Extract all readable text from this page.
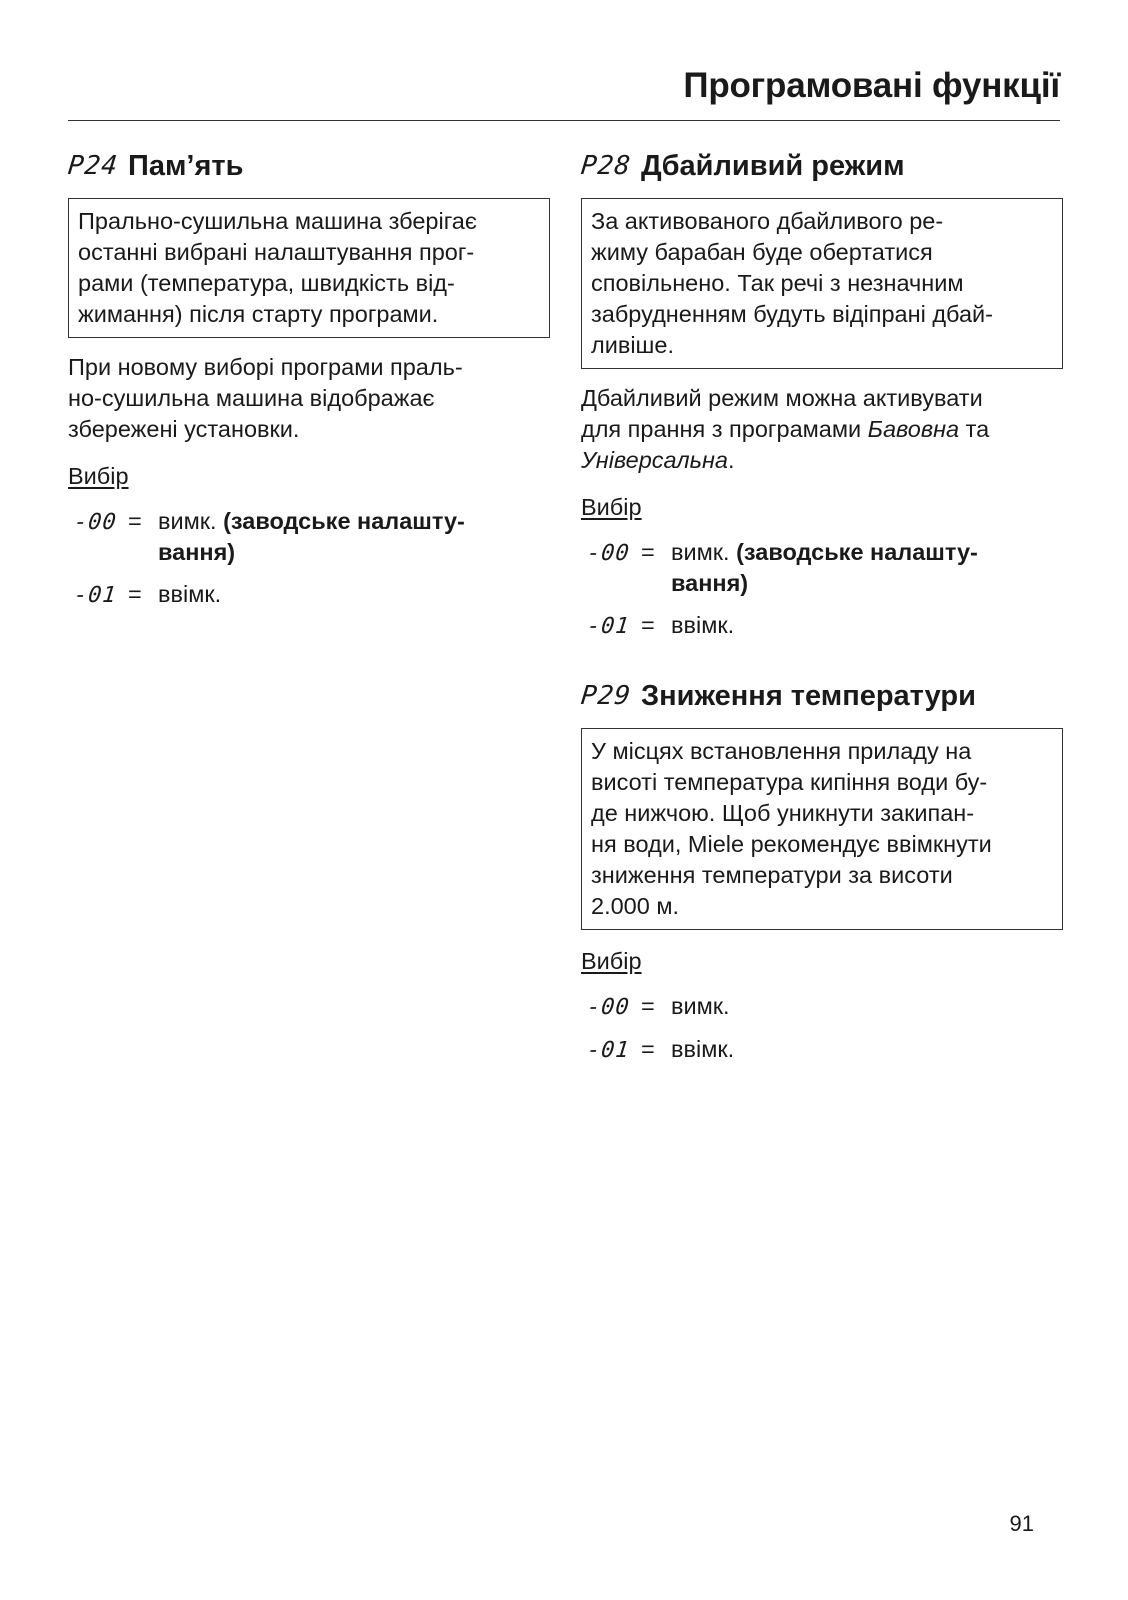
Програмовані функції
P24 Пам’ять
Прально-сушильна машина зберігає
останні вибрані налаштування прог-
рами (температура, швидкість від-
жимання) після старту програми.
При новому виборі програми праль-
но-сушильна машина відображає
збережені установки.
Вибір
-00 = вимк. (заводське налашту-
вання)
-01 = ввімк.
P28 Дбайливий режим
За активованого дбайливого ре-
жиму барабан буде обертатися
сповільнено. Так речі з незначним
забрудненням будуть відіпрані дбай-
ливіше.
Дбайливий режим можна активувати
для прання з програмами Бавовна та
Універсальна.
Вибір
-00 = вимк. (заводське налашту-
вання)
-01 = ввімк.
P29 Зниження температури
У місцях встановлення приладу на
висоті температура кипіння води бу-
де нижчою. Щоб уникнути закипан-
ня води, Miele рекомендує ввімкнути
зниження температури за висоти
2.000 м.
Вибір
-00 = вимк.
-01 = ввімк.
91
